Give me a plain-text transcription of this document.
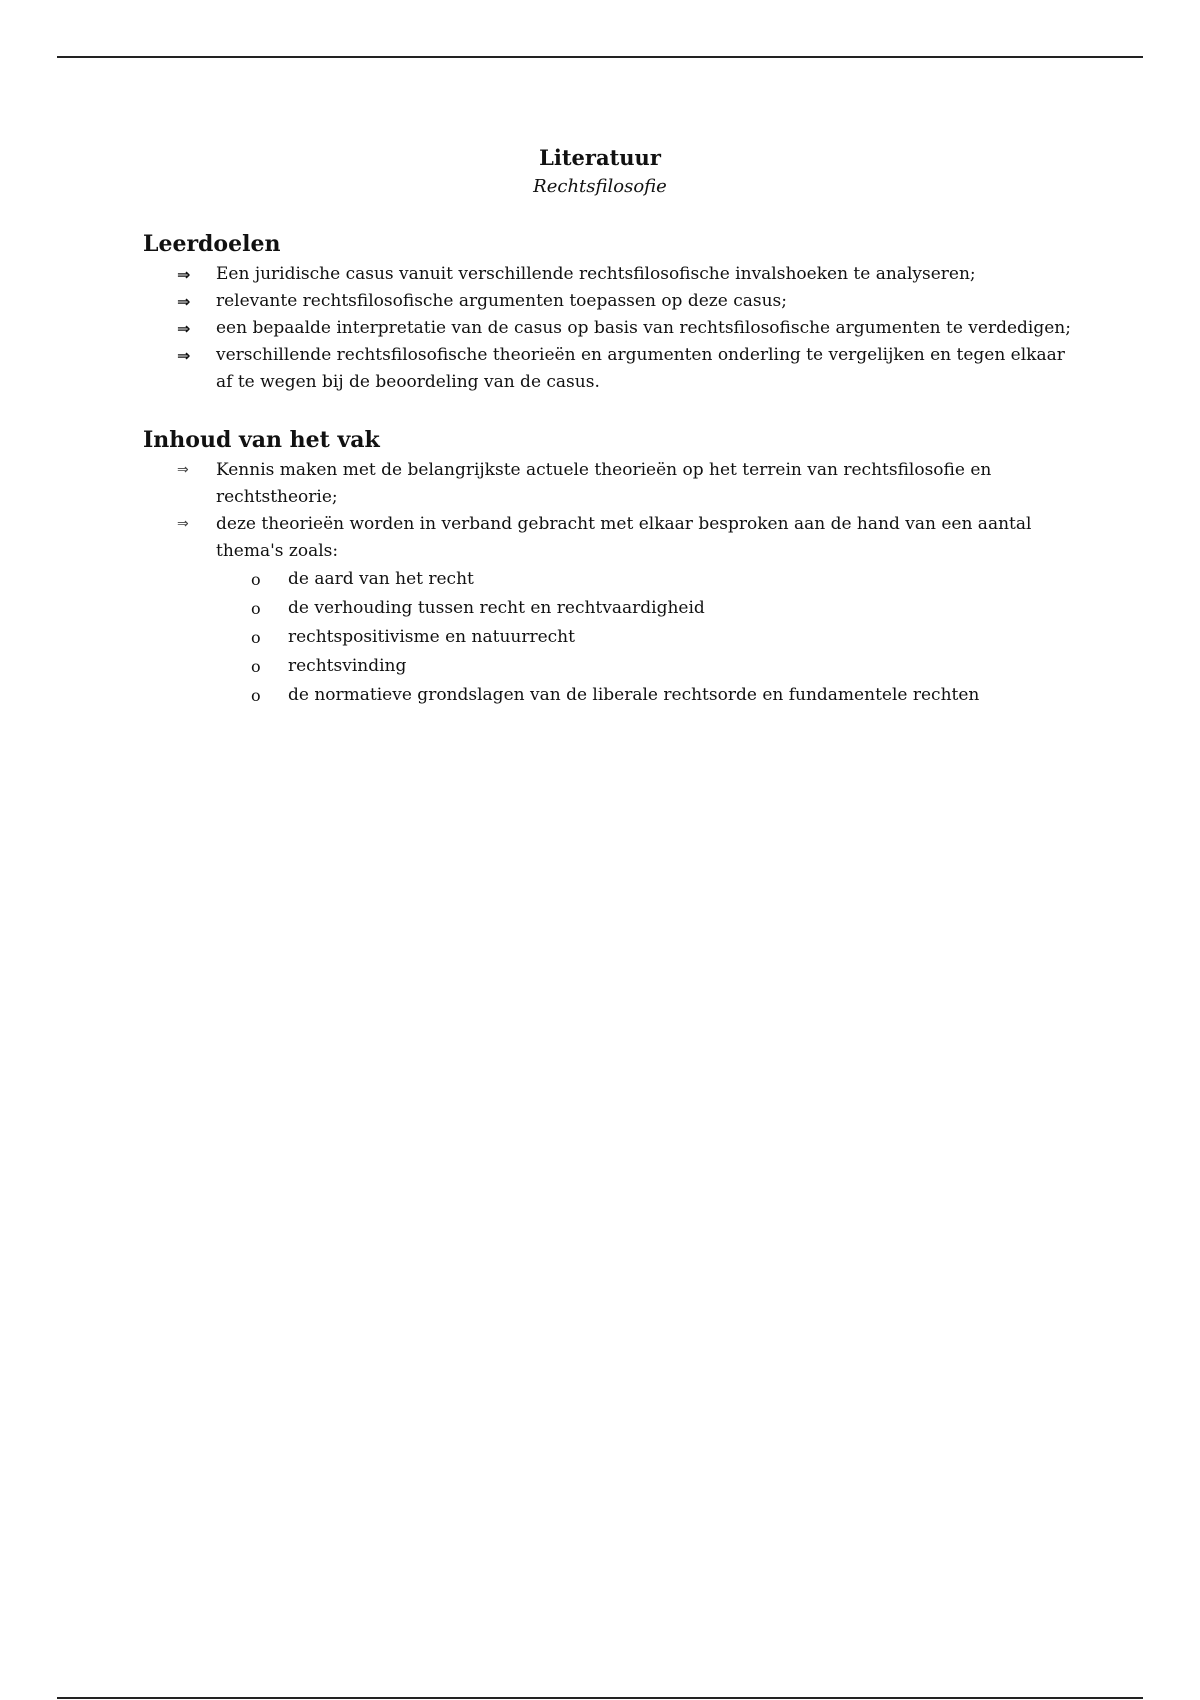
Literatuur

Rechtsfilosofie

Leerdoelen
⇒ Een juridische casus vanuit verschillende rechtsfilosofische invalshoeken te analyseren;
⇒ relevante rechtsfilosofische argumenten toepassen op deze casus;
⇒ een bepaalde interpretatie van de casus op basis van rechtsfilosofische argumenten te verdedigen;
⇒ verschillende rechtsfilosofische theorieën en argumenten onderling te vergelijken en tegen elkaar af te wegen bij de beoordeling van de casus.
Inhoud van het vak
⇒ Kennis maken met de belangrijkste actuele theorieën op het terrein van rechtsfilosofie en rechtstheorie;
⇒ deze theorieën worden in verband gebracht met elkaar besproken aan de hand van een aantal thema's zoals:
o de aard van het recht
o de verhouding tussen recht en rechtvaardigheid
o rechtspositivisme en natuurrecht
o rechtsvinding
o de normatieve grondslagen van de liberale rechtsorde en fundamentele rechten
